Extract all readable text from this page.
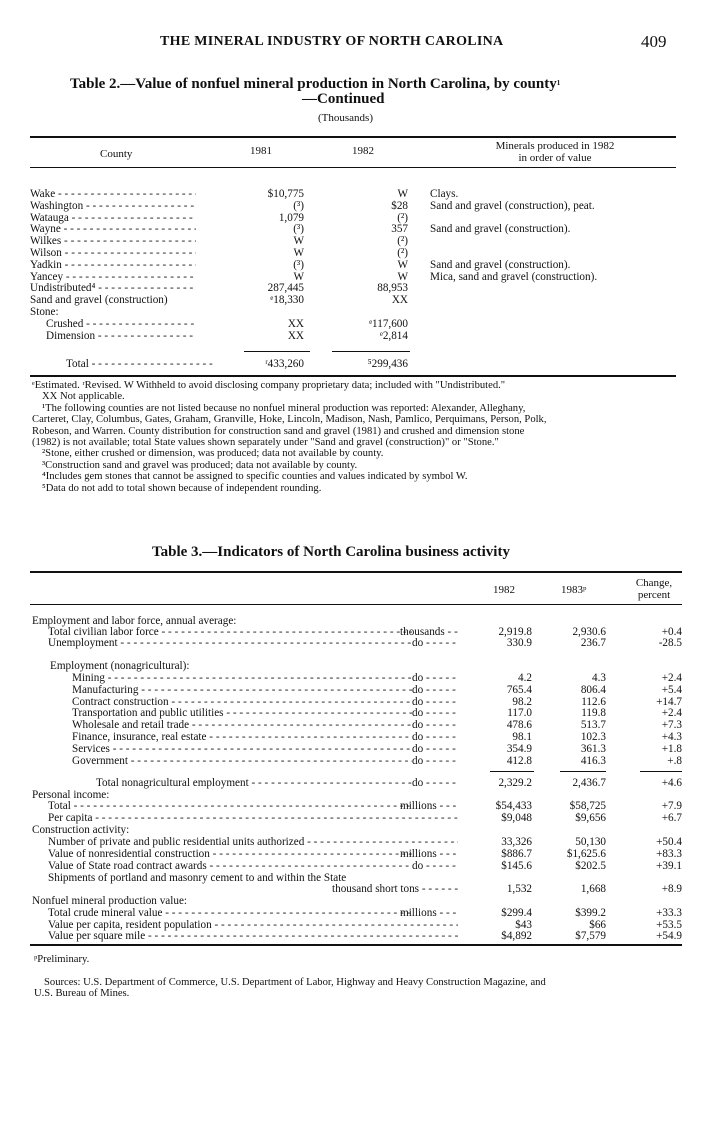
THE MINERAL INDUSTRY OF NORTH CAROLINA	409
Table 2.—Value of nonfuel mineral production in North Carolina, by county$^1$
—Continued
(Thousands)
County	1981	1982	Minerals produced in 1982
in order of value
Wake - - -	$10,775	W Clays.
Washington - - -	(³)	$28 Sand and gravel (construction), peat.
Watauga - - -	1,079	(²)
Wayne - - -	(³)	357 Sand and gravel (construction).
Wilkes - - -	W	(²)
Wilson - - -	W	(²)
Yadkin - - -	(³)	W Sand and gravel (construction).
Yancey - - -	W	W Mica, sand and gravel (construction).
Undistributed⁴ - - -	287,445	88,953
Sand and gravel (construction)	ᵉ18,330	XX
Stone:
Crushed - - -	XX	ᵉ117,600
Dimension - - -	XX	ᵉ2,814
Total - - -	ʳ433,260	⁵299,436
ᵉEstimated. ʳRevised. W Withheld to avoid disclosing company proprietary data; included with "Undistributed."
XX Not applicable.
¹The following counties are not listed because no nonfuel mineral production was reported: Alexander, Alleghany,
Carteret, Clay, Columbus, Gates, Graham, Granville, Hoke, Lincoln, Madison, Nash, Pamlico, Perquimans, Person, Polk,
Robeson, and Warren. County distribution for construction sand and gravel (1981) and crushed and dimension stone
(1982) is not available; total State values shown separately under "Sand and gravel (construction)" or "Stone."
²Stone, either crushed or dimension, was produced; data not available by county.
³Construction sand and gravel was produced; data not available by county.
⁴Includes gem stones that cannot be assigned to specific counties and values indicated by symbol W.
⁵Data do not add to total shown because of independent rounding.
Table 3.—Indicators of North Carolina business activity
1982	1983ᵖ
Change,
percent
Employment and labor force, annual average:
Total civilian labor force - - -	thousands - - -	2,919.8	2,930.6	+0.4
Unemployment - - -	do - - -	330.9	236.7	-28.5
Employment (nonagricultural):
Mining - - -	do - - -	4.2	4.3	+2.4
Manufacturing - - -	do - - -	765.4	806.4	+5.4
Contract construction - - -	do - - -	98.2	112.6	+14.7
Transportation and public utilities - - -	do - - -	117.0	119.8	+2.4
Wholesale and retail trade - - -	do - - -	478.6	513.7	+7.3
Finance, insurance, real estate - - -	do - - -	98.1	102.3	+4.3
Services - - -	do - - -	354.9	361.3	+1.8
Government - - -	do - - -	412.8	416.3	+.8
Total nonagricultural employment - - -	do - - -	2,329.2	2,436.7	+4.6
Personal income:
Total - - -	millions - - -	$54,433	$58,725	+7.9
Per capita - - -	$9,048	$9,656	+6.7
Construction activity:
Number of private and public residential units authorized - - -	33,326	50,130	+50.4
Value of nonresidential construction - - -	millions - - -	$886.7	$1,625.6	+83.3
Value of State road contract awards - - -	do - - -	$145.6	$202.5	+39.1
Shipments of portland and masonry cement to and within the State
thousand short tons - - -	1,532	1,668	+8.9
Nonfuel mineral production value:
Total crude mineral value - - -	millions - - -	$299.4	$399.2	+33.3
Value per capita, resident population - - -	$43	$66	+53.5
Value per square mile - - -	$4,892	$7,579	+54.9
ᵖPreliminary.
Sources: U.S. Department of Commerce, U.S. Department of Labor, Highway and Heavy Construction Magazine, and
U.S. Bureau of Mines.
